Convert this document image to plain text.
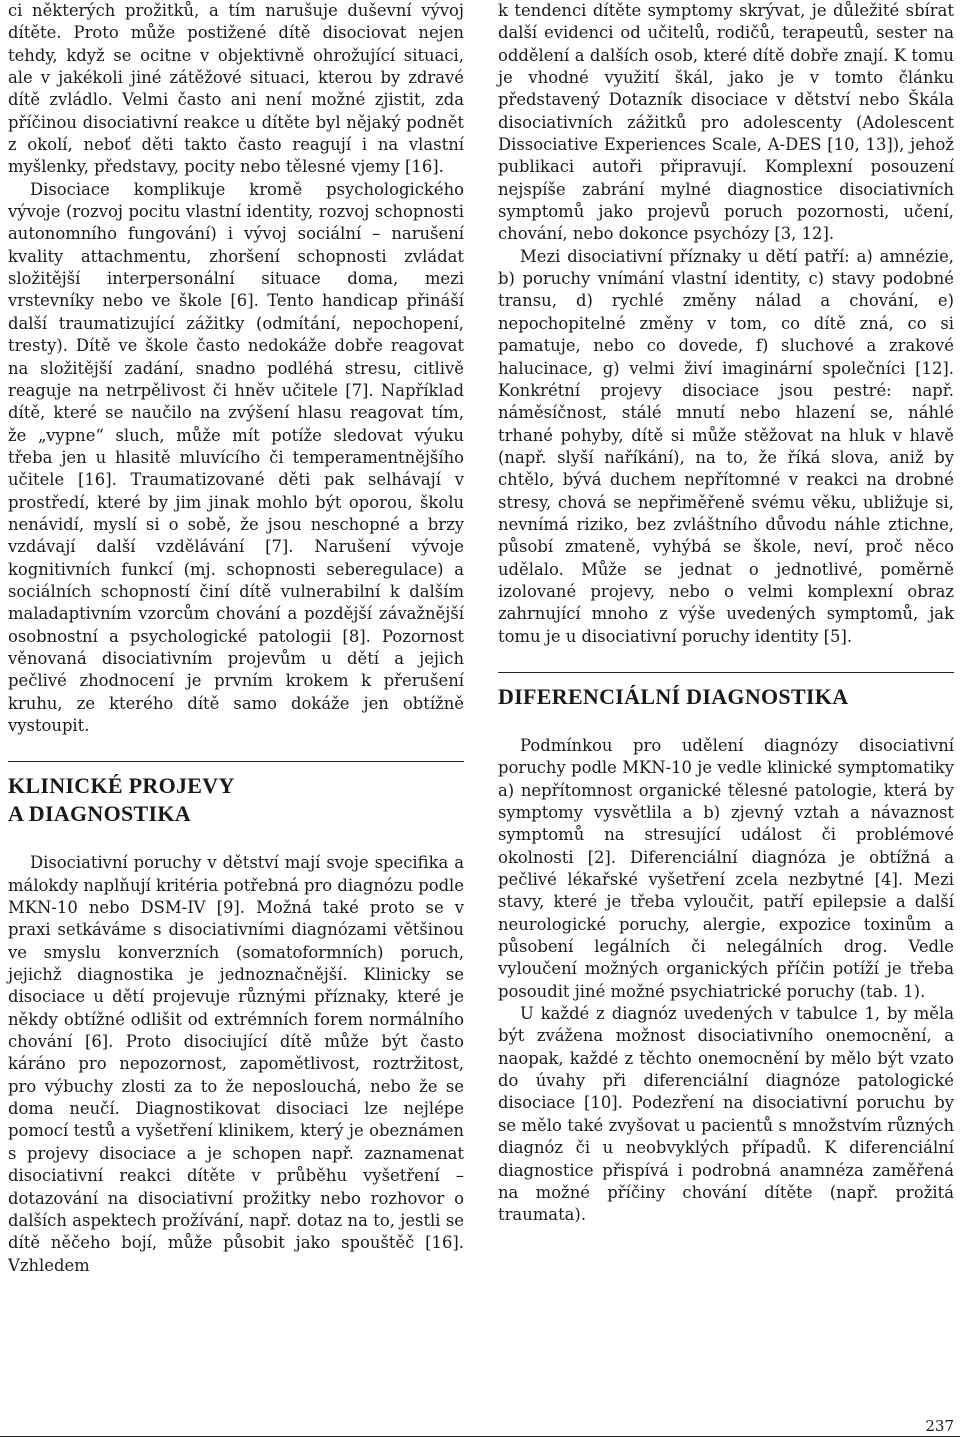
ci některých prožitků, a tím narušuje duševní vývoj dítěte. Proto může postižené dítě disociovat nejen tehdy, když se ocitne v objektivně ohrožující situaci, ale v jakékoli jiné zátěžové situaci, kterou by zdravé dítě zvládlo. Velmi často ani není možné zjistit, zda příčinou disociativní reakce u dítěte byl nějaký podnět z okolí, neboť děti takto často reagují i na vlastní myšlenky, představy, pocity nebo tělesné vjemy [16].

Disociace komplikuje kromě psychologického vývoje (rozvoj pocitu vlastní identity, rozvoj schopnosti autonomního fungování) i vývoj sociální – narušení kvality attachmentu, zhoršení schopnosti zvládat složitější interpersonální situace doma, mezi vrstevníky nebo ve škole [6]. Tento handicap přináší další traumatizující zážitky (odmítání, nepochopení, tresty). Dítě ve škole často nedokáže dobře reagovat na složitější zadání, snadno podléhá stresu, citlivě reaguje na netrpělivost či hněv učitele [7]. Například dítě, které se naučilo na zvýšení hlasu reagovat tím, že „vypne“ sluch, může mít potíže sledovat výuku třeba jen u hlasitě mluvícího či temperamentnějšího učitele [16]. Traumatizované děti pak selhávají v prostředí, které by jim jinak mohlo být oporou, školu nenávidí, myslí si o sobě, že jsou neschopné a brzy vzdávají další vzdělávání [7]. Narušení vývoje kognitivních funkcí (mj. schopnosti seberegulace) a sociálních schopností činí dítě vulnerabilní k dalším maladaptivním vzorcům chování a pozdější závažnější osobnostní a psychologické patologii [8]. Pozornost věnovaná disociativním projevům u dětí a jejich pečlivé zhodnocení je prvním krokem k přerušení kruhu, ze kterého dítě samo dokáže jen obtížně vystoupit.

KLINICKÉ PROJEVY
A DIAGNOSTIKA

Disociativní poruchy v dětství mají svoje specifika a málokdy naplňují kritéria potřebná pro diagnózu podle MKN-10 nebo DSM-IV [9]. Možná také proto se v praxi setkáváme s disociativními diagnózami většinou ve smyslu konverzních (somatoformních) poruch, jejichž diagnostika je jednoznačnější. Klinicky se disociace u dětí projevuje různými příznaky, které je někdy obtížné odlišit od extrémních forem normálního chování [6]. Proto disociující dítě může být často káráno pro nepozornost, zapomětlivost, roztržitost, pro výbuchy zlosti za to že neposlouchá, nebo že se doma neučí. Diagnostikovat disociaci lze nejlépe pomocí testů a vyšetření klinikem, který je obeznámen s projevy disociace a je schopen např. zaznamenat disociativní reakci dítěte v průběhu vyšetření – dotazování na disociativní prožitky nebo rozhovor o dalších aspektech prožívání, např. dotaz na to, jestli se dítě něčeho bojí, může působit jako spouštěč [16]. Vzhledem

k tendenci dítěte symptomy skrývat, je důležité sbírat další evidenci od učitelů, rodičů, terapeutů, sester na oddělení a dalších osob, které dítě dobře znají. K tomu je vhodné využití škál, jako je v tomto článku představený Dotazník disociace v dětství nebo Škála disociativních zážitků pro adolescenty (Adolescent Dissociative Experiences Scale, A-DES [10, 13]), jehož publikaci autoři připravují. Komplexní posouzení nejspíše zabrání mylné diagnostice disociativních symptomů jako projevů poruch pozornosti, učení, chování, nebo dokonce psychózy [3, 12].

Mezi disociativní příznaky u dětí patří: a) amnézie, b) poruchy vnímání vlastní identity, c) stavy podobné transu, d) rychlé změny nálad a chování, e) nepochopitelné změny v tom, co dítě zná, co si pamatuje, nebo co dovede, f) sluchové a zrakové halucinace, g) velmi živí imaginární společníci [12]. Konkrétní projevy disociace jsou pestré: např. náměsíčnost, stálé mnutí nebo hlazení se, náhlé trhané pohyby, dítě si může stěžovat na hluk v hlavě (např. slyší naříkání), na to, že říká slova, aniž by chtělo, bývá duchem nepřítomné v reakci na drobné stresy, chová se nepřiměřeně svému věku, ubližuje si, nevnímá riziko, bez zvláštního důvodu náhle ztichne, působí zmateně, vyhýbá se škole, neví, proč něco udělalo. Může se jednat o jednotlivé, poměrně izolované projevy, nebo o velmi komplexní obraz zahrnující mnoho z výše uvedených symptomů, jak tomu je u disociativní poruchy identity [5].

DIFERENCIÁLNÍ DIAGNOSTIKA

Podmínkou pro udělení diagnózy disociativní poruchy podle MKN-10 je vedle klinické symptomatiky a) nepřítomnost organické tělesné patologie, která by symptomy vysvětlila a b) zjevný vztah a návaznost symptomů na stresující událost či problémové okolnosti [2]. Diferenciální diagnóza je obtížná a pečlivé lékařské vyšetření zcela nezbytné [4]. Mezi stavy, které je třeba vyloučit, patří epilepsie a další neurologické poruchy, alergie, expozice toxinům a působení legálních či nelegálních drog. Vedle vyloučení možných organických příčin potíží je třeba posoudit jiné možné psychiatrické poruchy (tab. 1).

U každé z diagnóz uvedených v tabulce 1, by měla být zvážena možnost disociativního onemocnění, a naopak, každé z těchto onemocnění by mělo být vzato do úvahy při diferenciální diagnóze patologické disociace [10]. Podezření na disociativní poruchu by se mělo také zvyšovat u pacientů s množstvím různých diagnóz či u neobvyklých případů. K diferenciální diagnostice přispívá i podrobná anamnéza zaměřená na možné příčiny chování dítěte (např. prožitá traumata).

237
